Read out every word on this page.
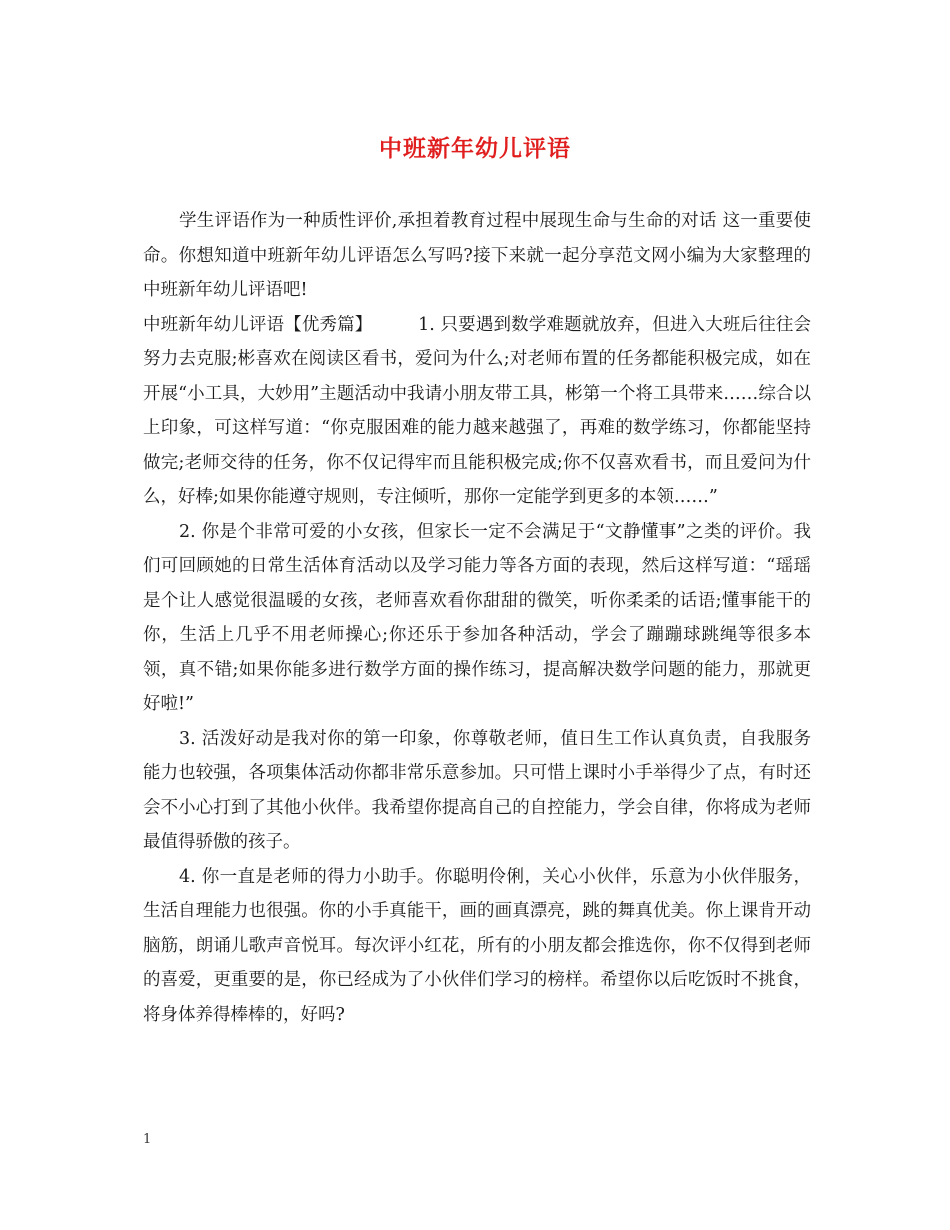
中班新年幼儿评语

学生评语作为一种质性评价,承担着教育过程中展现生命与生命的对话 这一重要使命。你想知道中班新年幼儿评语怎么写吗?接下来就一起分享范文网小编为大家整理的中班新年幼儿评语吧!

中班新年幼儿评语【优秀篇】	1. 只要遇到数学难题就放弃，但进入大班后往往会努力去克服;彬喜欢在阅读区看书，爱问为什么;对老师布置的任务都能积极完成，如在开展“小工具，大妙用”主题活动中我请小朋友带工具，彬第一个将工具带来……综合以上印象，可这样写道：“你克服困难的能力越来越强了，再难的数学练习，你都能坚持做完;老师交待的任务，你不仅记得牢而且能积极完成;你不仅喜欢看书，而且爱问为什么，好棒;如果你能遵守规则，专注倾听，那你一定能学到更多的本领……”

2. 你是个非常可爱的小女孩，但家长一定不会满足于“文静懂事”之类的评价。我们可回顾她的日常生活体育活动以及学习能力等各方面的表现，然后这样写道：“瑶瑶是个让人感觉很温暖的女孩，老师喜欢看你甜甜的微笑，听你柔柔的话语;懂事能干的你，生活上几乎不用老师操心;你还乐于参加各种活动，学会了蹦蹦球跳绳等很多本领，真不错;如果你能多进行数学方面的操作练习，提高解决数学问题的能力，那就更好啦!”

3. 活泼好动是我对你的第一印象，你尊敬老师，值日生工作认真负责，自我服务能力也较强，各项集体活动你都非常乐意参加。只可惜上课时小手举得少了点，有时还会不小心打到了其他小伙伴。我希望你提高自己的自控能力，学会自律，你将成为老师最值得骄傲的孩子。

4. 你一直是老师的得力小助手。你聪明伶俐，关心小伙伴，乐意为小伙伴服务，生活自理能力也很强。你的小手真能干，画的画真漂亮，跳的舞真优美。你上课肯开动脑筋，朗诵儿歌声音悦耳。每次评小红花，所有的小朋友都会推选你，你不仅得到老师的喜爱，更重要的是，你已经成为了小伙伴们学习的榜样。希望你以后吃饭时不挑食，将身体养得棒棒的，好吗?

1
